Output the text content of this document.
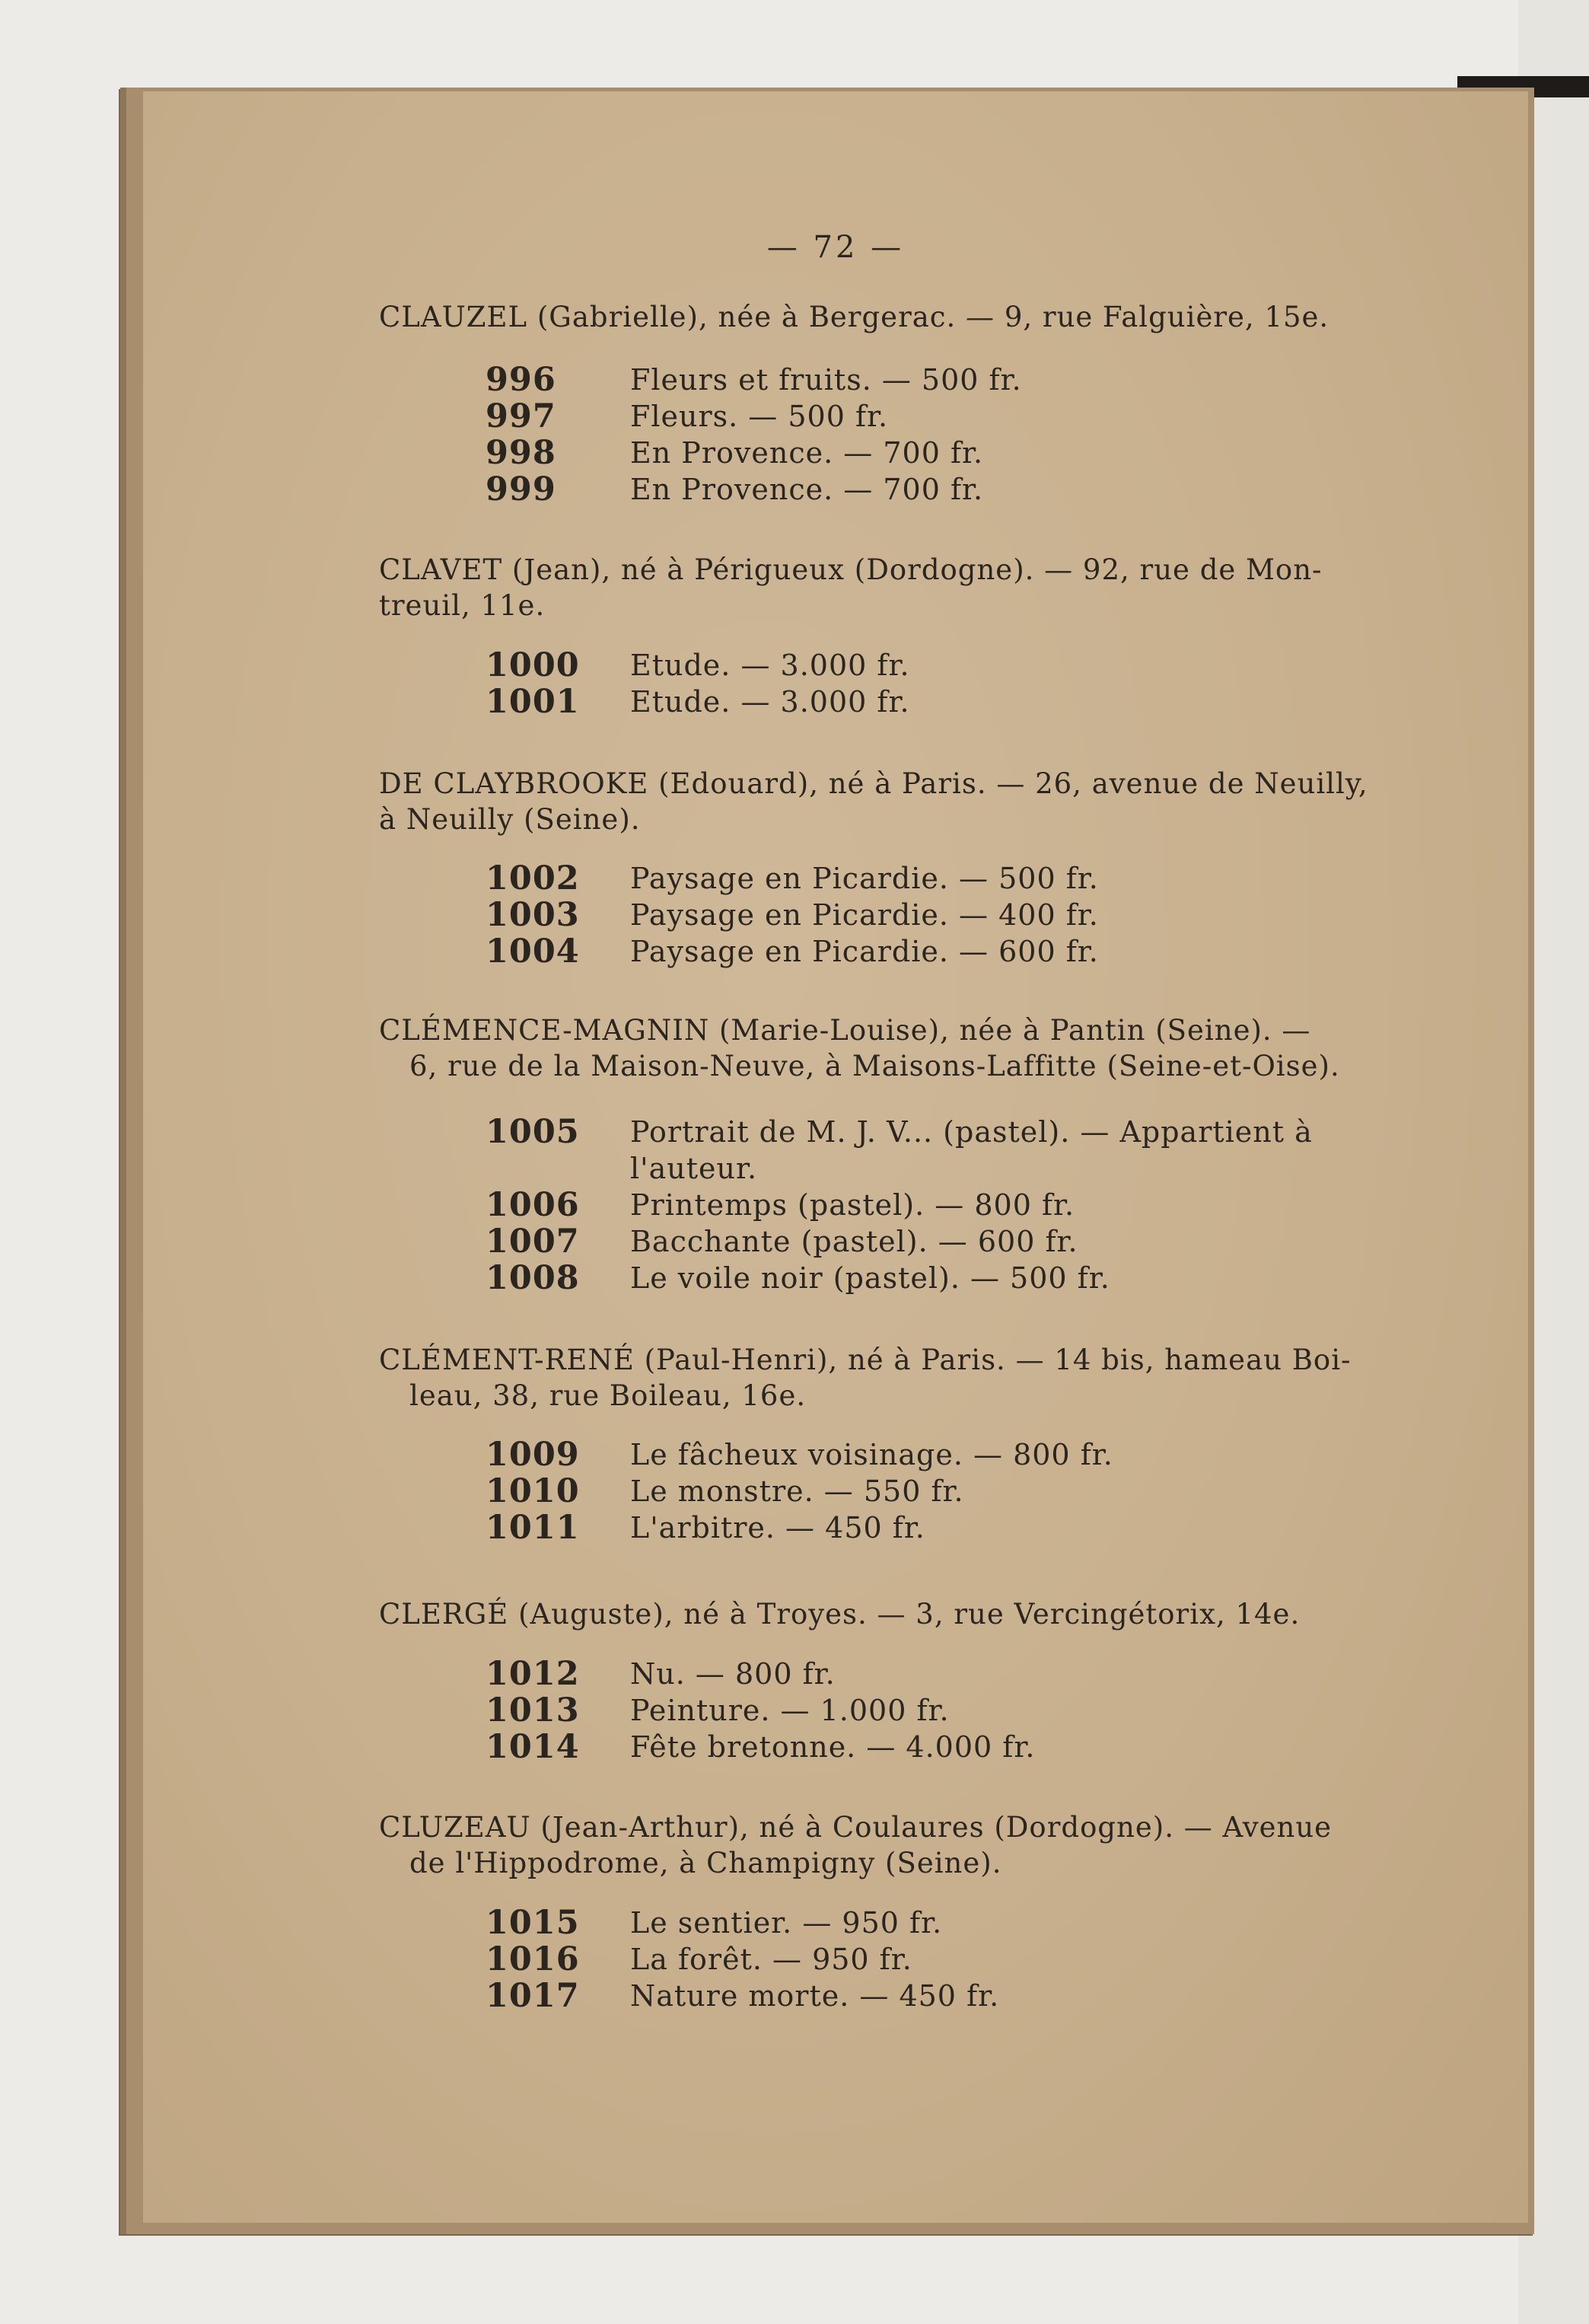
— 72 —
CLAUZEL (Gabrielle), née à Bergerac. — 9, rue Falguière, 15e.
996	Fleurs et fruits. — 500 fr.
997	Fleurs. — 500 fr.
998	En Provence. — 700 fr.
999	En Provence. — 700 fr.
CLAVET (Jean), né à Périgueux (Dordogne). — 92, rue de Mon-
treuil, 11e.
1000	Etude. — 3.000 fr.
1001	Etude. — 3.000 fr.
DE CLAYBROOKE (Edouard), né à Paris. — 26, avenue de Neuilly,
à Neuilly (Seine).
1002	Paysage en Picardie. — 500 fr.
1003	Paysage en Picardie. — 400 fr.
1004	Paysage en Picardie. — 600 fr.
CLÉMENCE-MAGNIN (Marie-Louise), née à Pantin (Seine). —
6, rue de la Maison-Neuve, à Maisons-Laffitte (Seine-et-Oise).
1005	Portrait de M. J. V... (pastel). — Appartient à
l'auteur.
1006	Printemps (pastel). — 800 fr.
1007	Bacchante (pastel). — 600 fr.
1008	Le voile noir (pastel). — 500 fr.
CLÉMENT-RENÉ (Paul-Henri), né à Paris. — 14 bis, hameau Boi-
leau, 38, rue Boileau, 16e.
1009	Le fâcheux voisinage. — 800 fr.
1010	Le monstre. — 550 fr.
1011	L'arbitre. — 450 fr.
CLERGÉ (Auguste), né à Troyes. — 3, rue Vercingétorix, 14e.
1012	Nu. — 800 fr.
1013	Peinture. — 1.000 fr.
1014	Fête bretonne. — 4.000 fr.
CLUZEAU (Jean-Arthur), né à Coulaures (Dordogne). — Avenue
de l'Hippodrome, à Champigny (Seine).
1015	Le sentier. — 950 fr.
1016	La forêt. — 950 fr.
1017	Nature morte. — 450 fr.
